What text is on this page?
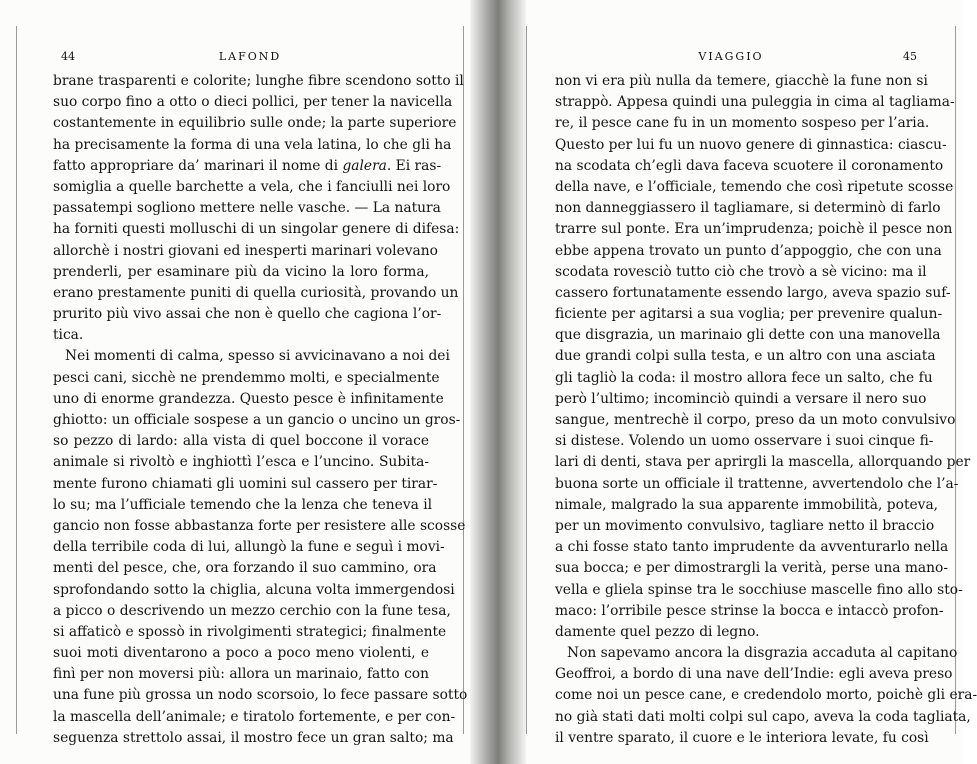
44	LAFOND
brane trasparenti e colorite; lunghe fibre scendono sotto il
suo corpo fino a otto o dieci pollici, per tener la navicella
costantemente in equilibrio sulle onde; la parte superiore
ha precisamente la forma di una vela latina, lo che gli ha
fatto appropriare da’ marinari il nome di galera. Ei ras-
somiglia a quelle barchette a vela, che i fanciulli nei loro
passatempi sogliono mettere nelle vasche. — La natura
ha forniti questi molluschi di un singolar genere di difesa:
allorchè i nostri giovani ed inesperti marinari volevano
prenderli, per esaminare più da vicino la loro forma,
erano prestamente puniti di quella curiosità, provando un
prurito più vivo assai che non è quello che cagiona l’or-
tica.
Nei momenti di calma, spesso si avvicinavano a noi dei
pesci cani, sicchè ne prendemmo molti, e specialmente
uno di enorme grandezza. Questo pesce è infinitamente
ghiotto: un officiale sospese a un gancio o uncino un gros-
so pezzo di lardo: alla vista di quel boccone il vorace
animale si rivoltò e inghiottì l’esca e l’uncino. Subita-
mente furono chiamati gli uomini sul cassero per tirar-
lo su; ma l’ufficiale temendo che la lenza che teneva il
gancio non fosse abbastanza forte per resistere alle scosse
della terribile coda di lui, allungò la fune e seguì i movi-
menti del pesce, che, ora forzando il suo cammino, ora
sprofondando sotto la chiglia, alcuna volta immergendosi
a picco o descrivendo un mezzo cerchio con la fune tesa,
si affaticò e spossò in rivolgimenti strategici; finalmente
suoi moti diventarono a poco a poco meno violenti, e
finì per non moversi più: allora un marinaio, fatto con
una fune più grossa un nodo scorsoio, lo fece passare sotto
la mascella dell’animale; e tiratolo fortemente, e per con-
seguenza strettolo assai, il mostro fece un gran salto; ma
VIAGGIO	45
non vi era più nulla da temere, giacchè la fune non si
strappò. Appesa quindi una puleggia in cima al tagliama-
re, il pesce cane fu in un momento sospeso per l’aria.
Questo per lui fu un nuovo genere di ginnastica: ciascu-
na scodata ch’egli dava faceva scuotere il coronamento
della nave, e l’officiale, temendo che così ripetute scosse
non danneggiassero il tagliamare, si determinò di farlo
trarre sul ponte. Era un’imprudenza; poichè il pesce non
ebbe appena trovato un punto d’appoggio, che con una
scodata rovesciò tutto ciò che trovò a sè vicino: ma il
cassero fortunatamente essendo largo, aveva spazio suf-
ficiente per agitarsi a sua voglia; per prevenire qualun-
que disgrazia, un marinaio gli dette con una manovella
due grandi colpi sulla testa, e un altro con una asciata
gli tagliò la coda: il mostro allora fece un salto, che fu
però l’ultimo; incominciò quindi a versare il nero suo
sangue, mentrechè il corpo, preso da un moto convulsivo
si distese. Volendo un uomo osservare i suoi cinque fi-
lari di denti, stava per aprirgli la mascella, allorquando per
buona sorte un officiale il trattenne, avvertendolo che l’a-
nimale, malgrado la sua apparente immobilità, poteva,
per un movimento convulsivo, tagliare netto il braccio
a chi fosse stato tanto imprudente da avventurarlo nella
sua bocca; e per dimostrargli la verità, perse una mano-
vella e gliela spinse tra le socchiuse mascelle fino allo sto-
maco: l’orribile pesce strinse la bocca e intaccò profon-
damente quel pezzo di legno.
Non sapevamo ancora la disgrazia accaduta al capitano
Geoffroi, a bordo di una nave dell’Indie: egli aveva preso
come noi un pesce cane, e credendolo morto, poichè gli era-
no già stati dati molti colpi sul capo, aveva la coda tagliata,
il ventre sparato, il cuore e le interiora levate, fu così
